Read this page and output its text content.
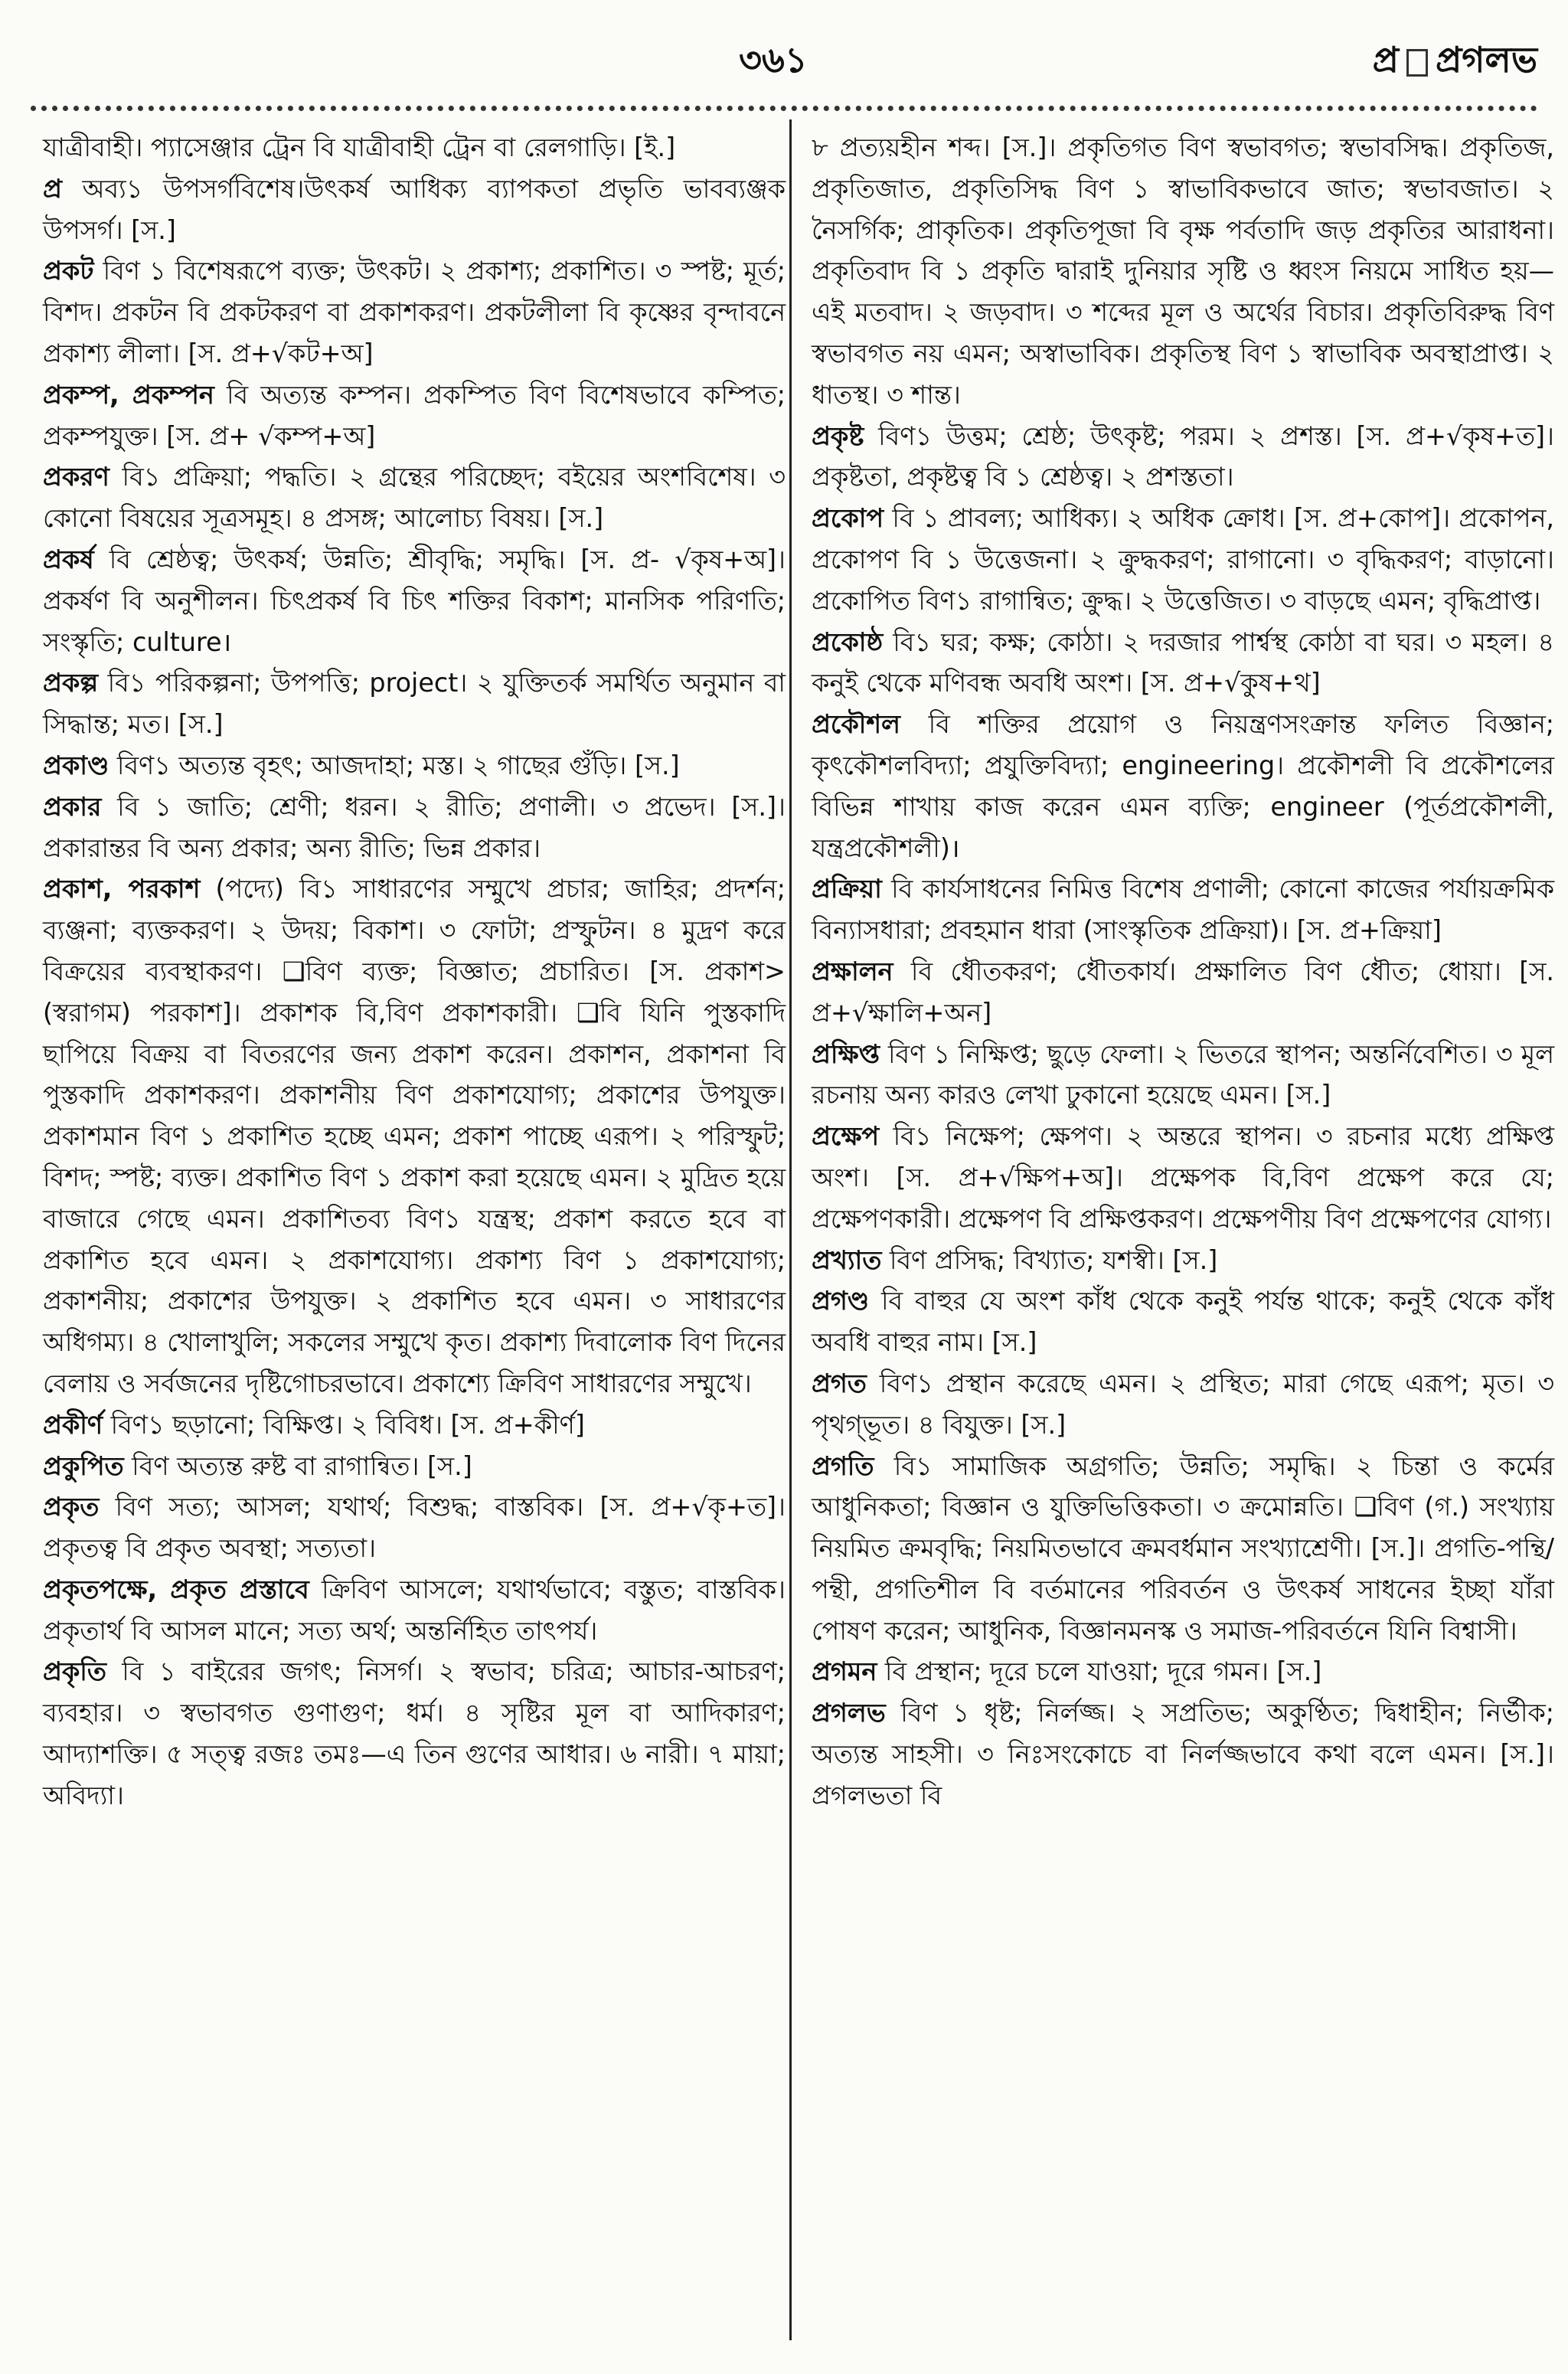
৩৬১	প্র প্রগলভ
যাত্রীবাহী। প্যাসেঞ্জার ট্রেন বি যাত্রীবাহী ট্রেন বা রেলগাড়ি। [ই.]
প্র অব্য১ উপসর্গবিশেষ।উৎকর্ষ আধিক্য ব্যাপকতা প্রভৃতি ভাবব্যঞ্জক উপসর্গ। [স.]
প্রকট বিণ ১ বিশেষরূপে ব্যক্ত; উৎকট। ২ প্রকাশ্য; প্রকাশিত। ৩ স্পষ্ট; মূর্ত; বিশদ। প্রকটন বি প্রকটকরণ বা প্রকাশকরণ। প্রকটলীলা বি কৃষ্ণের বৃন্দাবনে প্রকাশ্য লীলা। [স. প্র+√কট+অ]
প্রকম্প, প্রকম্পন বি অত্যন্ত কম্পন। প্রকম্পিত বিণ বিশেষভাবে কম্পিত; প্রকম্পযুক্ত। [স. প্র+ √কম্প+অ]
প্রকরণ বি১ প্রক্রিয়া; পদ্ধতি। ২ গ্রন্থের পরিচ্ছেদ; বইয়ের অংশবিশেষ। ৩ কোনো বিষয়ের সূত্রসমূহ। ৪ প্রসঙ্গ; আলোচ্য বিষয়। [স.]
প্রকর্ষ বি শ্রেষ্ঠত্ব; উৎকর্ষ; উন্নতি; শ্রীবৃদ্ধি; সমৃদ্ধি। [স. প্র- √কৃষ+অ]। প্রকর্ষণ বি অনুশীলন। চিৎপ্রকর্ষ বি চিৎ শক্তির বিকাশ; মানসিক পরিণতি; সংস্কৃতি; culture।
প্রকল্প বি১ পরিকল্পনা; উপপত্তি; project। ২ যুক্তিতর্ক সমর্থিত অনুমান বা সিদ্ধান্ত; মত। [স.]
প্রকাণ্ড বিণ১ অত্যন্ত বৃহৎ; আজদাহা; মস্ত। ২ গাছের গুঁড়ি। [স.]
প্রকার বি ১ জাতি; শ্রেণী; ধরন। ২ রীতি; প্রণালী। ৩ প্রভেদ। [স.]। প্রকারান্তর বি অন্য প্রকার; অন্য রীতি; ভিন্ন প্রকার।
প্রকাশ, পরকাশ (পদ্যে) বি১ সাধারণের সম্মুখে প্রচার; জাহির; প্রদর্শন; ব্যঞ্জনা; ব্যক্তকরণ। ২ উদয়; বিকাশ। ৩ ফোটা; প্রস্ফুটন। ৪ মুদ্রণ করে বিক্রয়ের ব্যবস্থাকরণ। ❑বিণ ব্যক্ত; বিজ্ঞাত; প্রচারিত। [স. প্রকাশ>(স্বরাগম) পরকাশ]। প্রকাশক বি,বিণ প্রকাশকারী। ❑বি যিনি পুস্তকাদি ছাপিয়ে বিক্রয় বা বিতরণের জন্য প্রকাশ করেন। প্রকাশন, প্রকাশনা বি পুস্তকাদি প্রকাশকরণ। প্রকাশনীয় বিণ প্রকাশযোগ্য; প্রকাশের উপযুক্ত। প্রকাশমান বিণ ১ প্রকাশিত হচ্ছে এমন; প্রকাশ পাচ্ছে এরূপ। ২ পরিস্ফুট; বিশদ; স্পষ্ট; ব্যক্ত। প্রকাশিত বিণ ১ প্রকাশ করা হয়েছে এমন। ২ মুদ্রিত হয়ে বাজারে গেছে এমন। প্রকাশিতব্য বিণ১ যন্ত্রস্থ; প্রকাশ করতে হবে বা প্রকাশিত হবে এমন। ২ প্রকাশযোগ্য। প্রকাশ্য বিণ ১ প্রকাশযোগ্য; প্রকাশনীয়; প্রকাশের উপযুক্ত। ২ প্রকাশিত হবে এমন। ৩ সাধারণের অধিগম্য। ৪ খোলাখুলি; সকলের সম্মুখে কৃত। প্রকাশ্য দিবালোক বিণ দিনের বেলায় ও সর্বজনের দৃষ্টিগোচরভাবে। প্রকাশ্যে ক্রিবিণ সাধারণের সম্মুখে।
প্রকীর্ণ বিণ১ ছড়ানো; বিক্ষিপ্ত। ২ বিবিধ। [স. প্র+কীর্ণ]
প্রকুপিত বিণ অত্যন্ত রুষ্ট বা রাগান্বিত। [স.]
প্রকৃত বিণ সত্য; আসল; যথার্থ; বিশুদ্ধ; বাস্তবিক। [স. প্র+√কৃ+ত]। প্রকৃতত্ব বি প্রকৃত অবস্থা; সত্যতা।
প্রকৃতপক্ষে, প্রকৃত প্রস্তাবে ক্রিবিণ আসলে; যথার্থভাবে; বস্তুত; বাস্তবিক। প্রকৃতার্থ বি আসল মানে; সত্য অর্থ; অন্তর্নিহিত তাৎপর্য।
প্রকৃতি বি ১ বাইরের জগৎ; নিসর্গ। ২ স্বভাব; চরিত্র; আচার-আচরণ; ব্যবহার। ৩ স্বভাবগত গুণাগুণ; ধর্ম। ৪ সৃষ্টির মূল বা আদিকারণ; আদ্যাশক্তি। ৫ সত্ত্ব রজঃ তমঃ—এ তিন গুণের আধার। ৬ নারী। ৭ মায়া; অবিদ্যা।
৮ প্রত্যয়হীন শব্দ। [স.]। প্রকৃতিগত বিণ স্বভাবগত; স্বভাবসিদ্ধ। প্রকৃতিজ, প্রকৃতিজাত, প্রকৃতিসিদ্ধ বিণ ১ স্বাভাবিকভাবে জাত; স্বভাবজাত। ২ নৈসর্গিক; প্রাকৃতিক। প্রকৃতিপূজা বি বৃক্ষ পর্বতাদি জড় প্রকৃতির আরাধনা। প্রকৃতিবাদ বি ১ প্রকৃতি দ্বারাই দুনিয়ার সৃষ্টি ও ধ্বংস নিয়মে সাধিত হয়—এই মতবাদ। ২ জড়বাদ। ৩ শব্দের মূল ও অর্থের বিচার। প্রকৃতিবিরুদ্ধ বিণ স্বভাবগত নয় এমন; অস্বাভাবিক। প্রকৃতিস্থ বিণ ১ স্বাভাবিক অবস্থাপ্রাপ্ত। ২ ধাতস্থ। ৩ শান্ত।
প্রকৃষ্ট বিণ১ উত্তম; শ্রেষ্ঠ; উৎকৃষ্ট; পরম। ২ প্রশস্ত। [স. প্র+√কৃষ+ত]। প্রকৃষ্টতা, প্রকৃষ্টত্ব বি ১ শ্রেষ্ঠত্ব। ২ প্রশস্ততা।
প্রকোপ বি ১ প্রাবল্য; আধিক্য। ২ অধিক ক্রোধ। [স. প্র+কোপ]। প্রকোপন, প্রকোপণ বি ১ উত্তেজনা। ২ ক্রুদ্ধকরণ; রাগানো। ৩ বৃদ্ধিকরণ; বাড়ানো। প্রকোপিত বিণ১ রাগান্বিত; ক্রুদ্ধ। ২ উত্তেজিত। ৩ বাড়ছে এমন; বৃদ্ধিপ্রাপ্ত।
প্রকোষ্ঠ বি১ ঘর; কক্ষ; কোঠা। ২ দরজার পার্শ্বস্থ কোঠা বা ঘর। ৩ মহল। ৪ কনুই থেকে মণিবন্ধ অবধি অংশ। [স. প্র+√কুষ+থ]
প্রকৌশল বি শক্তির প্রয়োগ ও নিয়ন্ত্রণসংক্রান্ত ফলিত বিজ্ঞান; কৃৎকৌশলবিদ্যা; প্রযুক্তিবিদ্যা; engineering। প্রকৌশলী বি প্রকৌশলের বিভিন্ন শাখায় কাজ করেন এমন ব্যক্তি; engineer (পূর্তপ্রকৌশলী, যন্ত্রপ্রকৌশলী)।
প্রক্রিয়া বি কার্যসাধনের নিমিত্ত বিশেষ প্রণালী; কোনো কাজের পর্যায়ক্রমিক বিন্যাসধারা; প্রবহমান ধারা (সাংস্কৃতিক প্রক্রিয়া)। [স. প্র+ক্রিয়া]
প্রক্ষালন বি ধৌতকরণ; ধৌতকার্য। প্রক্ষালিত বিণ ধৌত; ধোয়া। [স. প্র+√ক্ষালি+অন]
প্রক্ষিপ্ত বিণ ১ নিক্ষিপ্ত; ছুড়ে ফেলা। ২ ভিতরে স্থাপন; অন্তর্নিবেশিত। ৩ মূল রচনায় অন্য কারও লেখা ঢুকানো হয়েছে এমন। [স.]
প্রক্ষেপ বি১ নিক্ষেপ; ক্ষেপণ। ২ অন্তরে স্থাপন। ৩ রচনার মধ্যে প্রক্ষিপ্ত অংশ। [স. প্র+√ক্ষিপ+অ]। প্রক্ষেপক বি,বিণ প্রক্ষেপ করে যে; প্রক্ষেপণকারী। প্রক্ষেপণ বি প্রক্ষিপ্তকরণ। প্রক্ষেপণীয় বিণ প্রক্ষেপণের যোগ্য।
প্রখ্যাত বিণ প্রসিদ্ধ; বিখ্যাত; যশস্বী। [স.]
প্রগণ্ড বি বাহুর যে অংশ কাঁধ থেকে কনুই পর্যন্ত থাকে; কনুই থেকে কাঁধ অবধি বাহুর নাম। [স.]
প্রগত বিণ১ প্রস্থান করেছে এমন। ২ প্রস্থিত; মারা গেছে এরূপ; মৃত। ৩ পৃথগ্ভূত। ৪ বিযুক্ত। [স.]
প্রগতি বি১ সামাজিক অগ্রগতি; উন্নতি; সমৃদ্ধি। ২ চিন্তা ও কর্মের আধুনিকতা; বিজ্ঞান ও যুক্তিভিত্তিকতা। ৩ ক্রমোন্নতি। ❑বিণ (গ.) সংখ্যায় নিয়মিত ক্রমবৃদ্ধি; নিয়মিতভাবে ক্রমবর্ধমান সংখ্যাশ্রেণী। [স.]। প্রগতি-পন্থি/পন্থী, প্রগতিশীল বি বর্তমানের পরিবর্তন ও উৎকর্ষ সাধনের ইচ্ছা যাঁরা পোষণ করেন; আধুনিক, বিজ্ঞানমনস্ক ও সমাজ-পরিবর্তনে যিনি বিশ্বাসী।
প্রগমন বি প্রস্থান; দূরে চলে যাওয়া; দূরে গমন। [স.]
প্রগলভ বিণ ১ ধৃষ্ট; নির্লজ্জ। ২ সপ্রতিভ; অকুণ্ঠিত; দ্বিধাহীন; নির্ভীক; অত্যন্ত সাহসী। ৩ নিঃসংকোচে বা নির্লজ্জভাবে কথা বলে এমন। [স.]। প্রগলভতা বি
